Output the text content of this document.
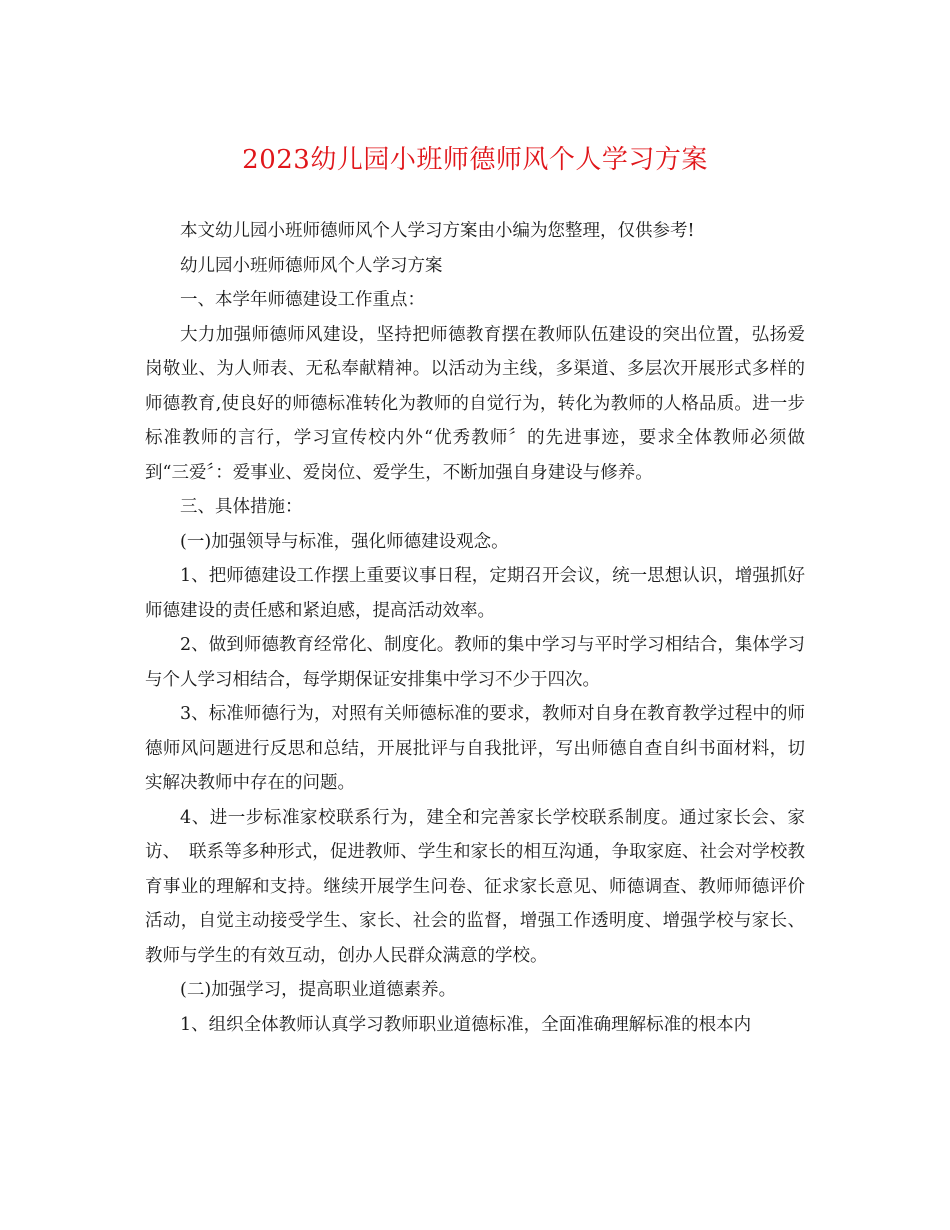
2023幼儿园小班师德师风个人学习方案

本文幼儿园小班师德师风个人学习方案由小编为您整理，仅供参考!

幼儿园小班师德师风个人学习方案

一、本学年师德建设工作重点：

大力加强师德师风建设，坚持把师德教育摆在教师队伍建设的突出位置，弘扬爱岗敬业、为人师表、无私奉献精神。以活动为主线，多渠道、多层次开展形式多样的师德教育,使良好的师德标准转化为教师的自觉行为，转化为教师的人格品质。进一步标准教师的言行，学习宣传校内外“优秀教师〞的先进事迹，要求全体教师必须做到“三爱〞：爱事业、爱岗位、爱学生，不断加强自身建设与修养。

三、具体措施：

(一)加强领导与标准，强化师德建设观念。

1、把师德建设工作摆上重要议事日程，定期召开会议，统一思想认识，增强抓好师德建设的责任感和紧迫感，提高活动效率。

2、做到师德教育经常化、制度化。教师的集中学习与平时学习相结合，集体学习与个人学习相结合，每学期保证安排集中学习不少于四次。

3、标准师德行为，对照有关师德标准的要求，教师对自身在教育教学过程中的师德师风问题进行反思和总结，开展批评与自我批评，写出师德自查自纠书面材料，切实解决教师中存在的问题。

4、进一步标准家校联系行为，建全和完善家长学校联系制度。通过家长会、家访、　联系等多种形式，促进教师、学生和家长的相互沟通，争取家庭、社会对学校教育事业的理解和支持。继续开展学生问卷、征求家长意见、师德调查、教师师德评价活动，自觉主动接受学生、家长、社会的监督，增强工作透明度、增强学校与家长、教师与学生的有效互动，创办人民群众满意的学校。

(二)加强学习，提高职业道德素养。

1、组织全体教师认真学习教师职业道德标准，全面准确理解标准的根本内
